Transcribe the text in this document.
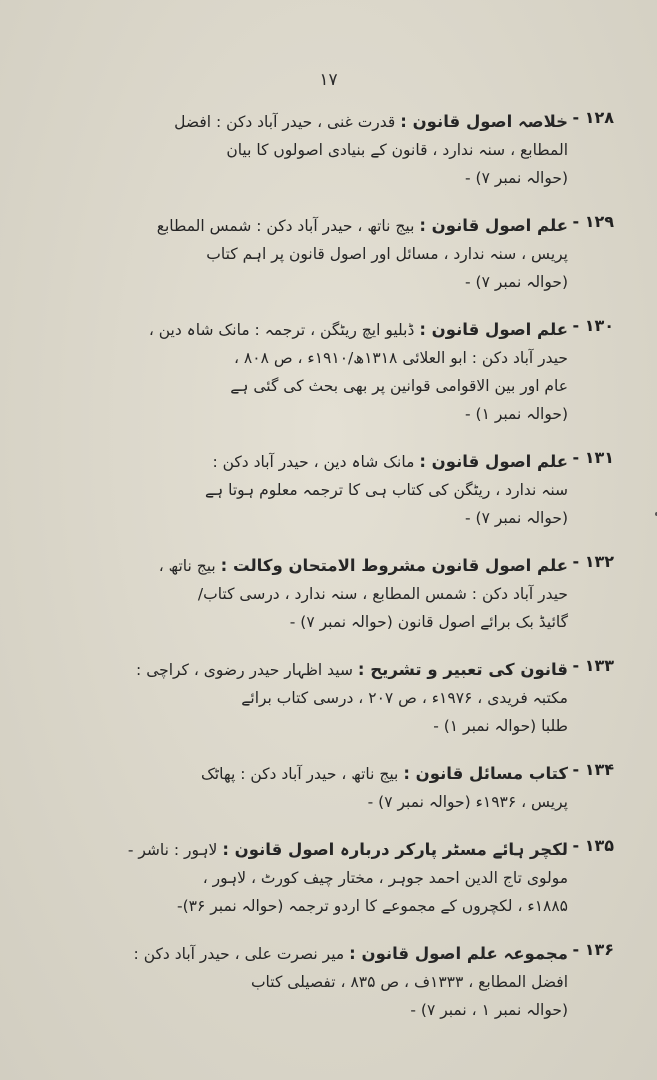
۱۷
۱۲۸ -
خلاصہ اصول قانون : قدرت غنی ، حیدر آباد دکن : افضل
المطابع ، سنہ ندارد ، قانون کے بنیادی اصولوں کا بیان
(حوالہ نمبر ۷) -
۱۲۹ -
علم اصول قانون : بیج ناتھ ، حیدر آباد دکن : شمس المطابع
پریس ، سنہ ندارد ، مسائل اور اصول قانون پر اہم کتاب
(حوالہ نمبر ۷) -
۱۳۰ -
علم اصول قانون : ڈبلیو ایچ ریٹگن ، ترجمہ : مانک شاہ دین ،
حیدر آباد دکن : ابو العلائی ۱۳۱۸ھ/۱۹۱۰ء ، ص ۸۰۸ ،
عام اور بین الاقوامی قوانین پر بھی بحث کی گئی ہے
(حوالہ نمبر ۱) -
۱۳۱ -
علم اصول قانون : مانک شاہ دین ، حیدر آباد دکن :
سنہ ندارد ، ریٹگن کی کتاب ہی کا ترجمہ معلوم ہوتا ہے
(حوالہ نمبر ۷) -
۱۳۲ -
علم اصول قانون مشروط الامتحان وکالت : بیج ناتھ ،
حیدر آباد دکن : شمس المطابع ، سنہ ندارد ، درسی کتاب/
گائیڈ بک برائے اصول قانون (حوالہ نمبر ۷) -
۱۳۳ -
قانون کی تعبیر و تشریح : سید اظہار حیدر رضوی ، کراچی :
مکتبہ فریدی ، ۱۹۷۶ء ، ص ۲۰۷ ، درسی کتاب برائے
طلبا (حوالہ نمبر ۱) -
۱۳۴ -
کتاب مسائل قانون : بیج ناتھ ، حیدر آباد دکن : پھاٹک
پریس ، ۱۹۳۶ء (حوالہ نمبر ۷) -
۱۳۵ -
لکچر ہائے مسٹر پارکر دربارہ اصول قانون : لاہور : ناشر -
مولوی تاج الدین احمد جوہر ، مختار چیف کورٹ ، لاہور ،
۱۸۸۵ء ، لکچروں کے مجموعے کا اردو ترجمہ (حوالہ نمبر ۳۶)-
۱۳۶ -
مجموعہ علم اصول قانون : میر نصرت علی ، حیدر آباد دکن :
افضل المطابع ، ۱۳۳۳ف ، ص ۸۳۵ ، تفصیلی کتاب
(حوالہ نمبر ۱ ، نمبر ۷) -
